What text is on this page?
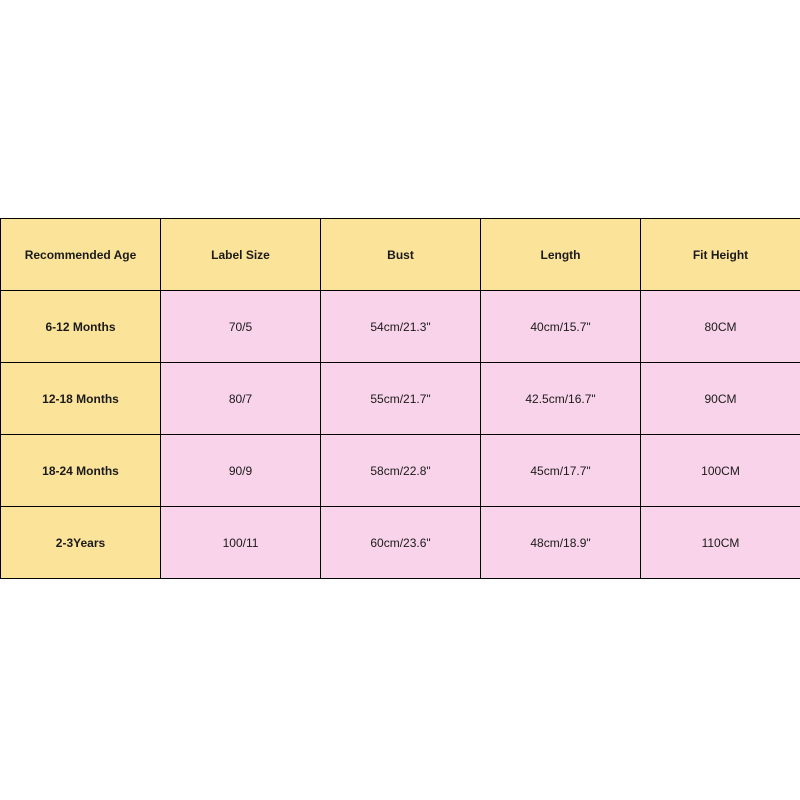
Recommended Age	Label Size	Bust	Length	Fit Height
6-12 Months	70/5	54cm/21.3"	40cm/15.7"	80CM
12-18 Months	80/7	55cm/21.7"	42.5cm/16.7"	90CM
18-24 Months	90/9	58cm/22.8"	45cm/17.7"	100CM
2-3Years	100/11	60cm/23.6"	48cm/18.9"	110CM
